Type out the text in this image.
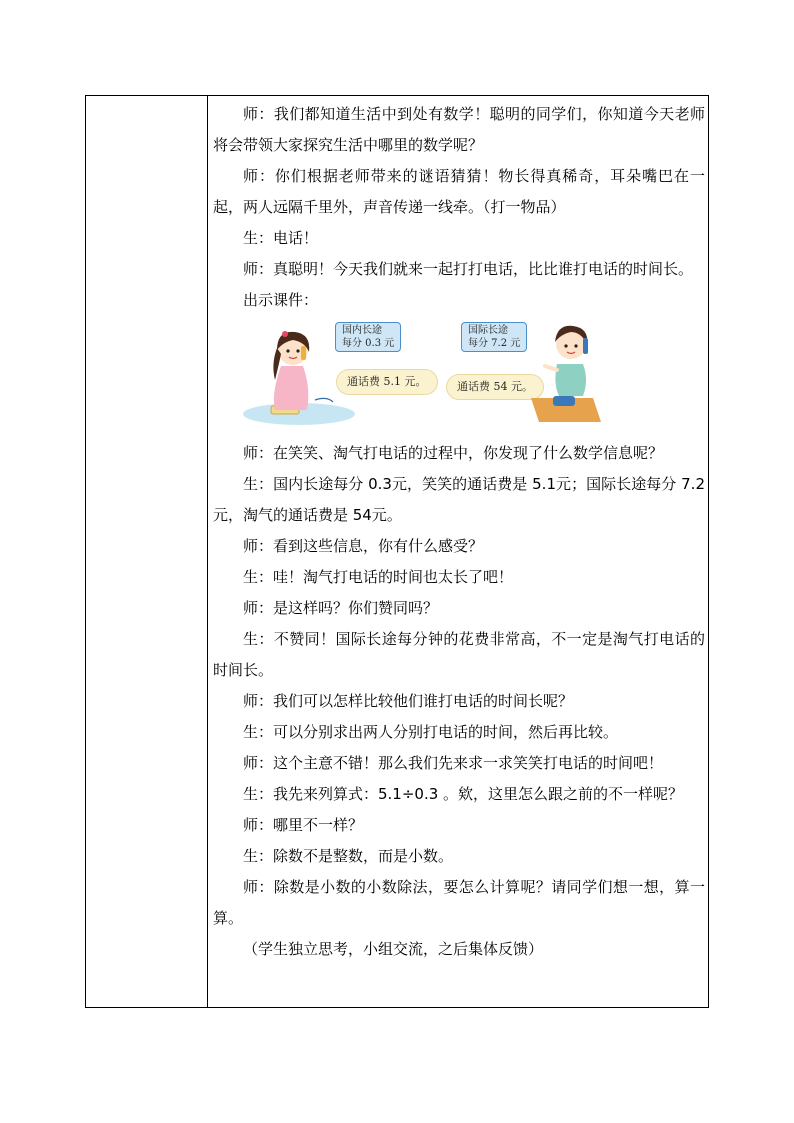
师：我们都知道生活中到处有数学！聪明的同学们，你知道今天老师将会带领大家探究生活中哪里的数学呢？

师：你们根据老师带来的谜语猜猜！物长得真稀奇，耳朵嘴巴在一起，两人远隔千里外，声音传递一线牵。（打一物品）

生：电话！

师：真聪明！今天我们就来一起打打电话，比比谁打电话的时间长。

出示课件：

国内长途
每分 0.3 元
通话费 5.1 元。
国际长途
每分 7.2 元
通话费 54 元。

师：在笑笑、淘气打电话的过程中，你发现了什么数学信息呢？

生：国内长途每分 0.3元，笑笑的通话费是 5.1元；国际长途每分 7.2元，淘气的通话费是 54元。

师：看到这些信息，你有什么感受？

生：哇！淘气打电话的时间也太长了吧！

师：是这样吗？你们赞同吗？

生：不赞同！国际长途每分钟的花费非常高，不一定是淘气打电话的时间长。

师：我们可以怎样比较他们谁打电话的时间长呢？

生：可以分别求出两人分别打电话的时间，然后再比较。

师：这个主意不错！那么我们先来求一求笑笑打电话的时间吧！

生：我先来列算式：5.1÷0.3 。欸，这里怎么跟之前的不一样呢？

师：哪里不一样？

生：除数不是整数，而是小数。

师：除数是小数的小数除法，要怎么计算呢？请同学们想一想，算一算。

（学生独立思考，小组交流，之后集体反馈）
